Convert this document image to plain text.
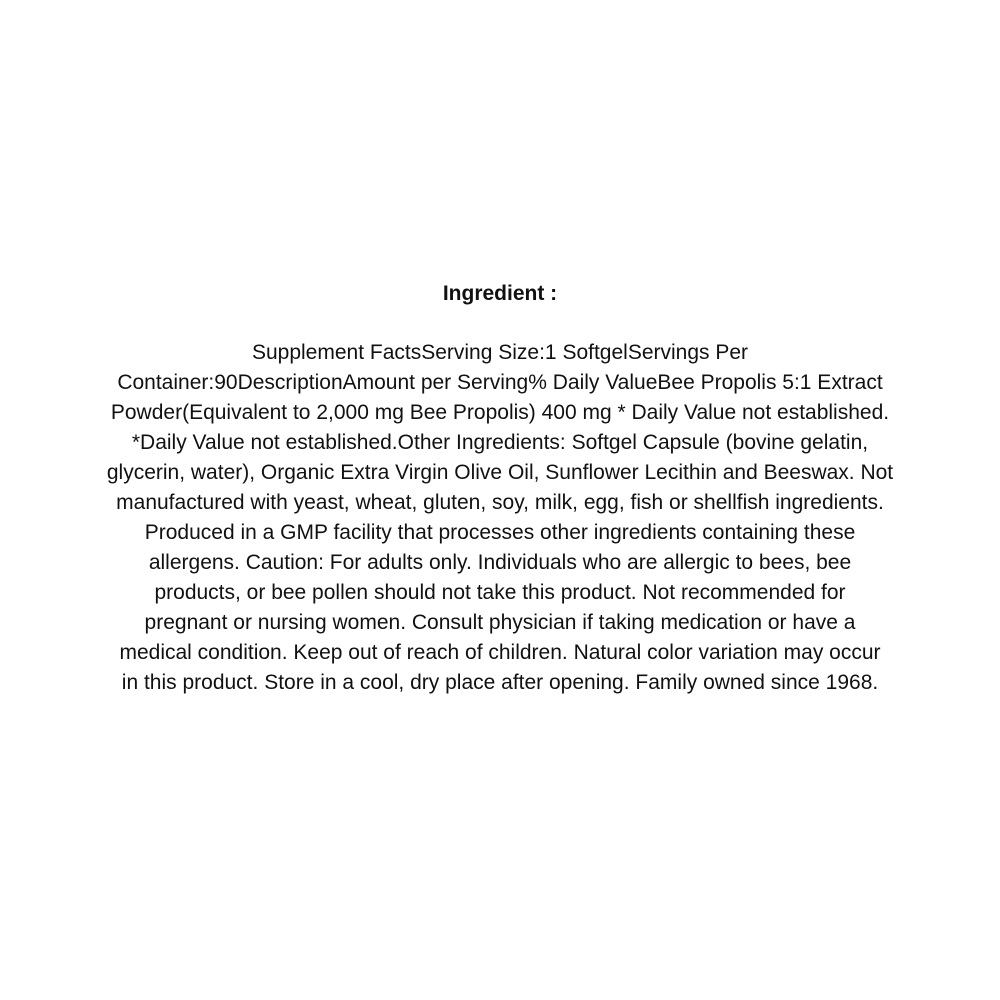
Ingredient :
Supplement FactsServing Size:1 SoftgelServings Per
Container:90DescriptionAmount per Serving% Daily ValueBee Propolis 5:1 Extract
Powder(Equivalent to 2,000 mg Bee Propolis) 400 mg * Daily Value not established.
*Daily Value not established.Other Ingredients: Softgel Capsule (bovine gelatin,
glycerin, water), Organic Extra Virgin Olive Oil, Sunflower Lecithin and Beeswax. Not
manufactured with yeast, wheat, gluten, soy, milk, egg, fish or shellfish ingredients.
Produced in a GMP facility that processes other ingredients containing these
allergens. Caution: For adults only. Individuals who are allergic to bees, bee
products, or bee pollen should not take this product. Not recommended for
pregnant or nursing women. Consult physician if taking medication or have a
medical condition. Keep out of reach of children. Natural color variation may occur
in this product. Store in a cool, dry place after opening. Family owned since 1968.
